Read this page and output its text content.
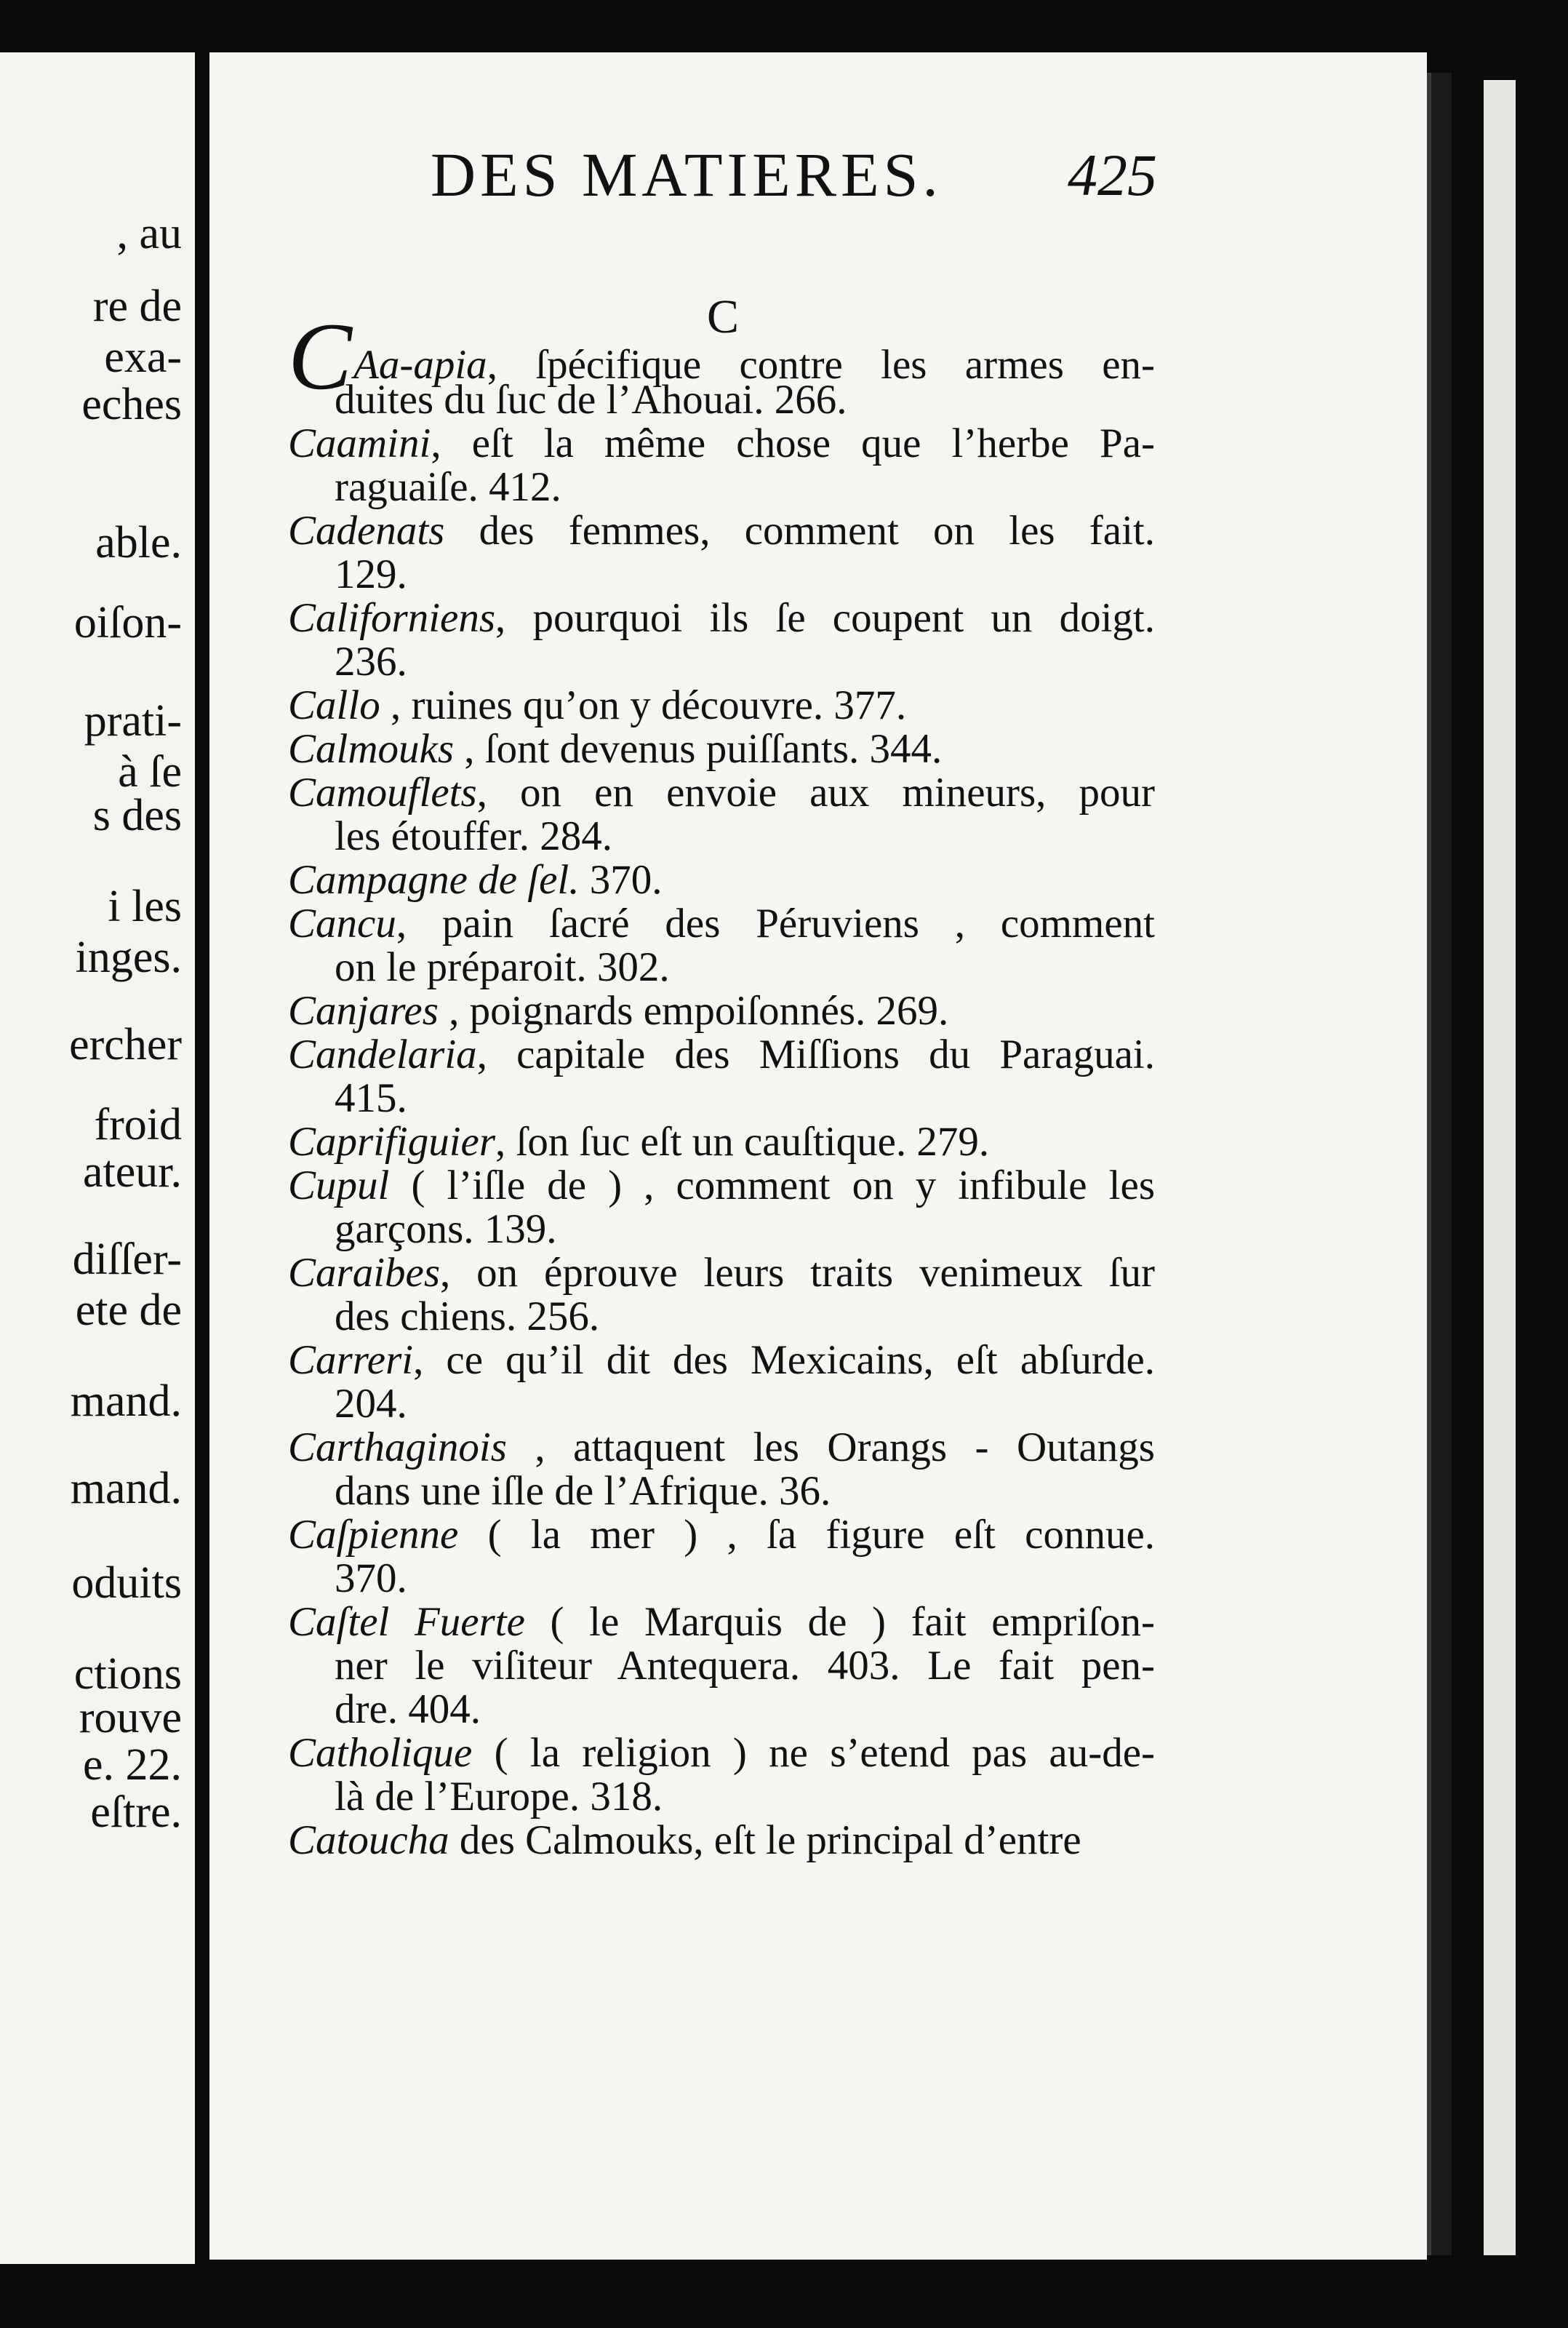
, au
re de
exa-
eches
able.
oiſon-
prati-
à ſe
s des
i les
inges.
ercher
froid
ateur.
diſſer-
ete de
mand.
mand.
oduits
ctions
rouve
e. 22.
eſtre.
DES MATIERES. 425
C
CAa-apia, ſpécifique contre les armes en-
duites du ſuc de l’Ahouai. 266.
Caamini, eſt la même chose que l’herbe Pa-
raguaiſe. 412.
Cadenats des femmes, comment on les fait.
129.
Californiens, pourquoi ils ſe coupent un doigt.
236.
Callo , ruines qu’on y découvre. 377.
Calmouks , ſont devenus puiſſants. 344.
Camouflets, on en envoie aux mineurs, pour
les étouffer. 284.
Campagne de ſel. 370.
Cancu, pain ſacré des Péruviens , comment
on le préparoit. 302.
Canjares , poignards empoiſonnés. 269.
Candelaria, capitale des Miſſions du Paraguai.
415.
Caprifiguier, ſon ſuc eſt un cauſtique. 279.
Cupul ( l’iſle de ) , comment on y infibule les
garçons. 139.
Caraibes, on éprouve leurs traits venimeux ſur
des chiens. 256.
Carreri, ce qu’il dit des Mexicains, eſt abſurde.
204.
Carthaginois , attaquent les Orangs - Outangs
dans une iſle de l’Afrique. 36.
Caſpienne ( la mer ) , ſa figure eſt connue.
370.
Caſtel Fuerte ( le Marquis de ) fait empriſon-
ner le viſiteur Antequera. 403. Le fait pen-
dre. 404.
Catholique ( la religion ) ne s’etend pas au-de-
là de l’Europe. 318.
Catoucha des Calmouks, eſt le principal d’entre
